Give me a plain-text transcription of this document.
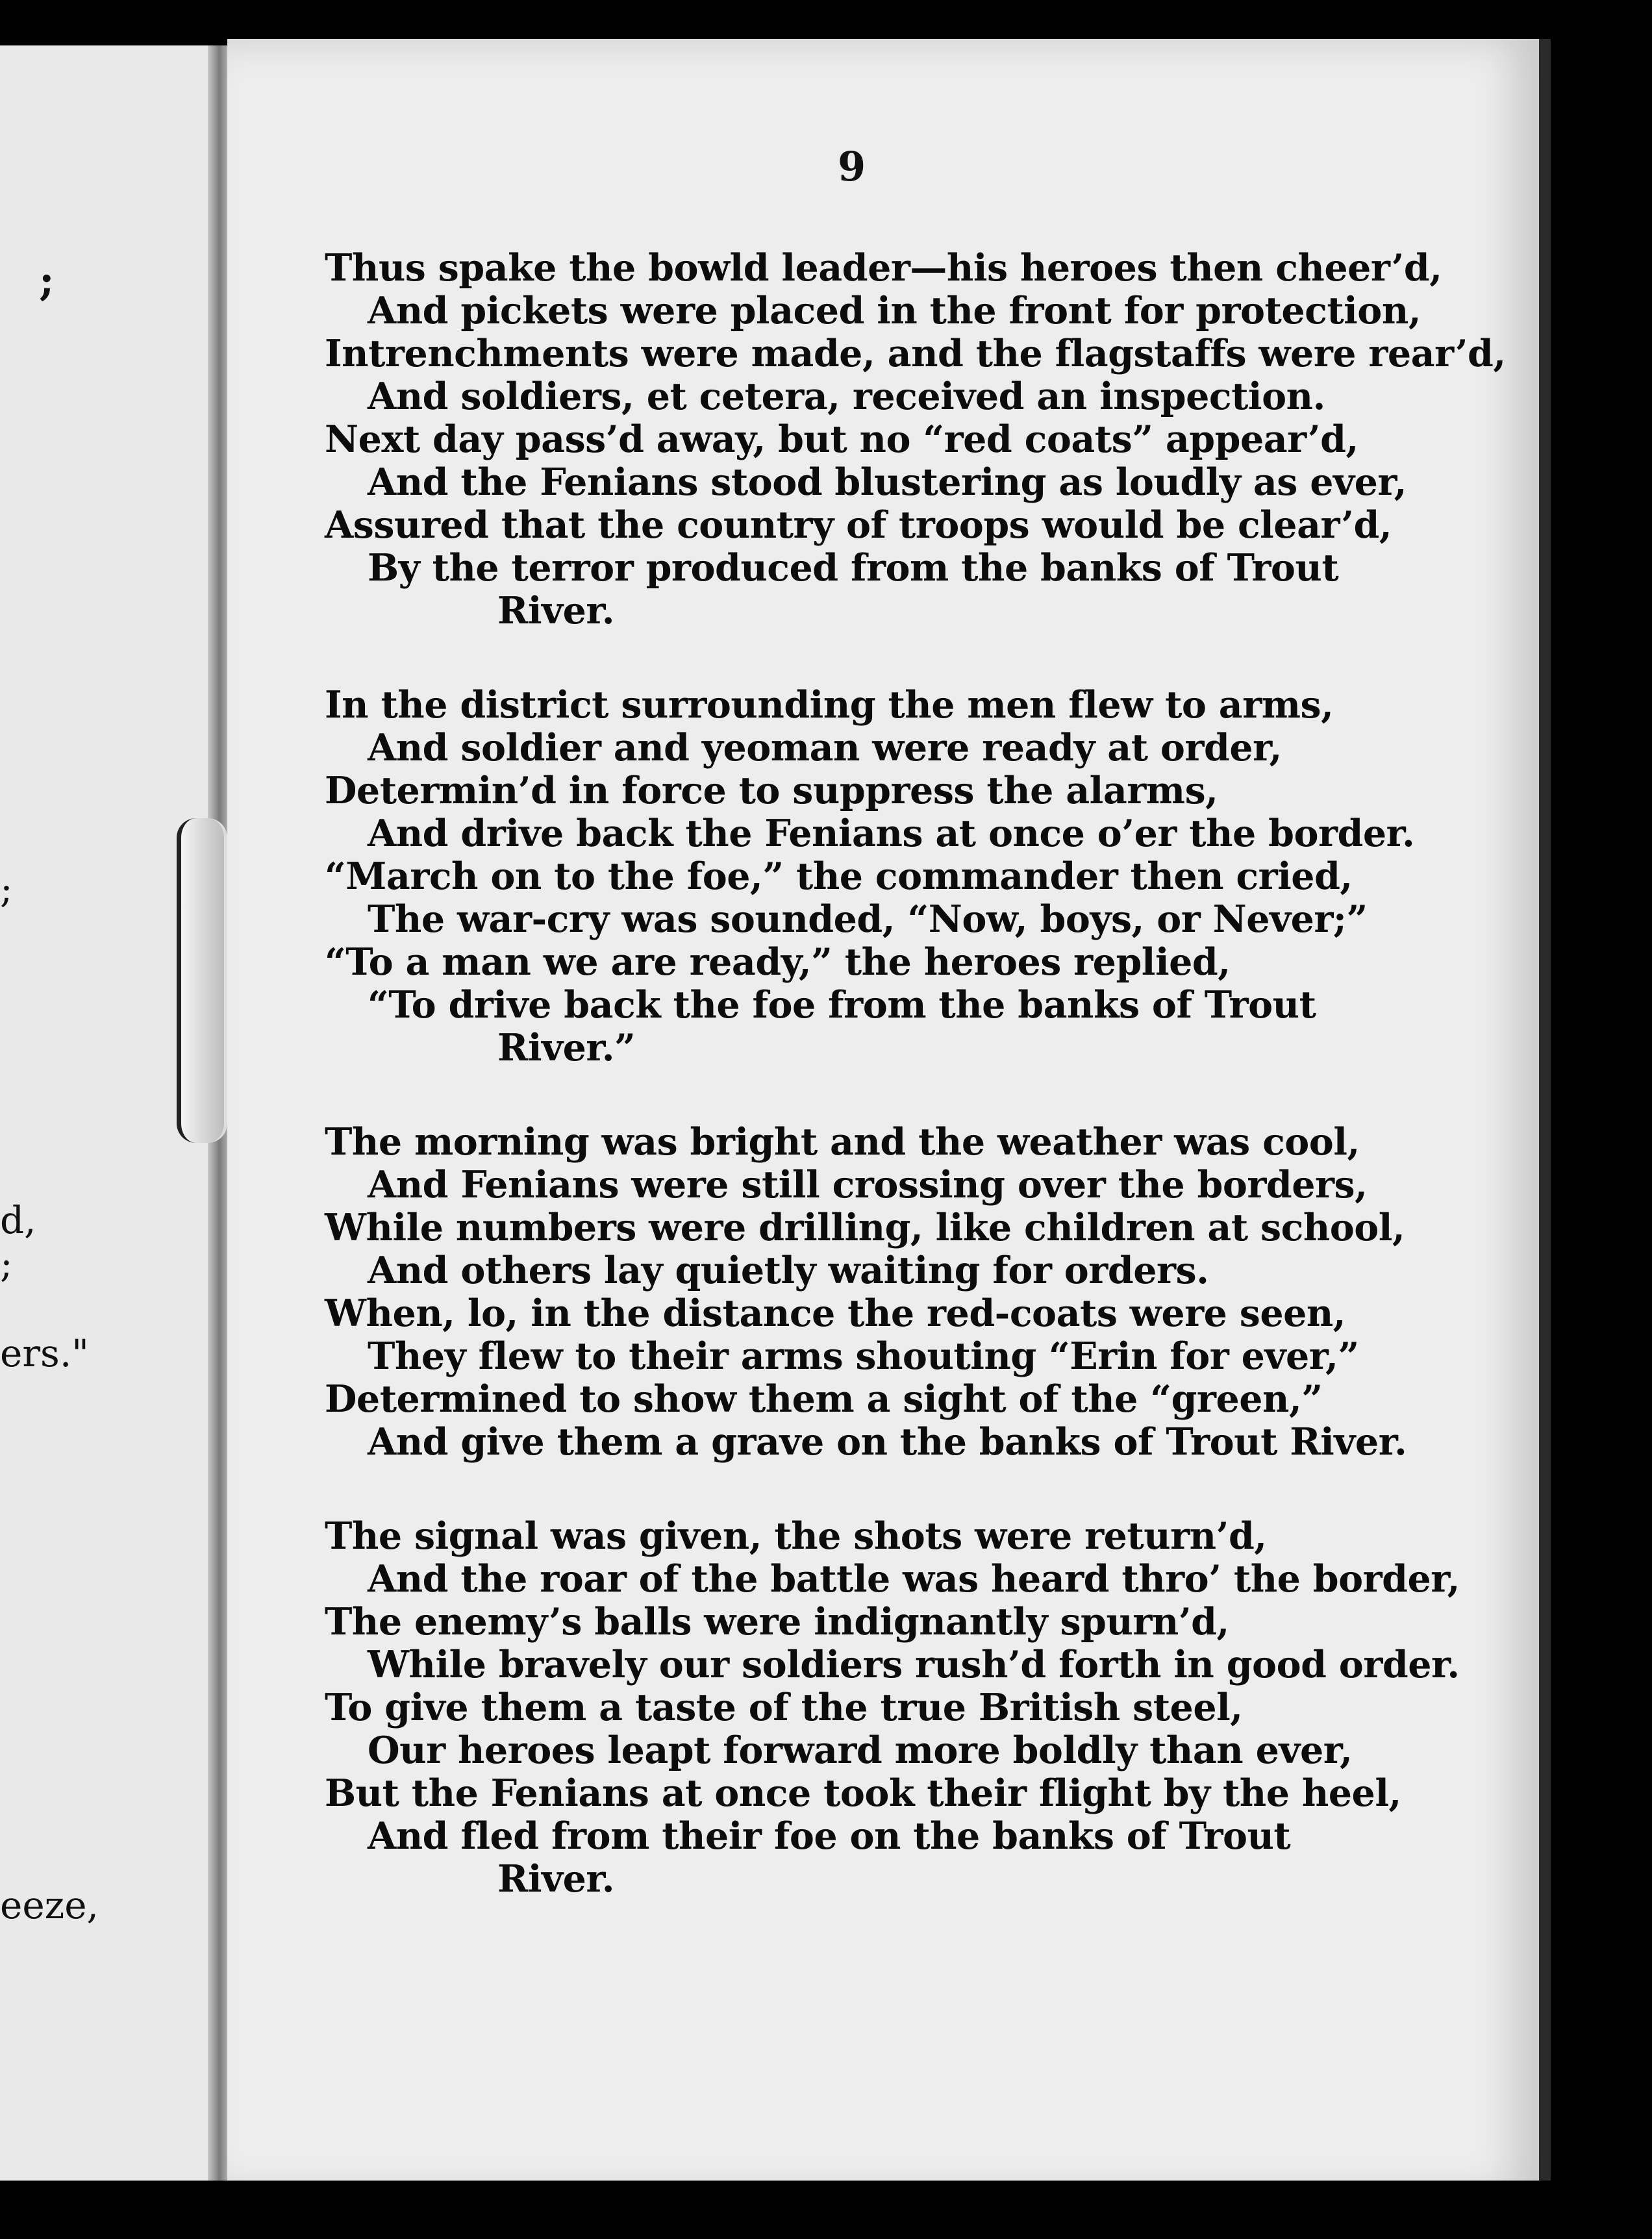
;
;
d,
;
ers."
eeze,
9
Thus spake the bowld leader—his heroes then cheer’d,
And pickets were placed in the front for protection,
Intrenchments were made, and the flagstaffs were rear’d,
And soldiers, et cetera, received an inspection.
Next day pass’d away, but no “red coats” appear’d,
And the Fenians stood blustering as loudly as ever,
Assured that the country of troops would be clear’d,
By the terror produced from the banks of Trout
River.
In the district surrounding the men flew to arms,
And soldier and yeoman were ready at order,
Determin’d in force to suppress the alarms,
And drive back the Fenians at once o’er the border.
“March on to the foe,” the commander then cried,
The war-cry was sounded, “Now, boys, or Never;”
“To a man we are ready,” the heroes replied,
“To drive back the foe from the banks of Trout
River.”
The morning was bright and the weather was cool,
And Fenians were still crossing over the borders,
While numbers were drilling, like children at school,
And others lay quietly waiting for orders.
When, lo, in the distance the red-coats were seen,
They flew to their arms shouting “Erin for ever,”
Determined to show them a sight of the “green,”
And give them a grave on the banks of Trout River.
The signal was given, the shots were return’d,
And the roar of the battle was heard thro’ the border,
The enemy’s balls were indignantly spurn’d,
While bravely our soldiers rush’d forth in good order.
To give them a taste of the true British steel,
Our heroes leapt forward more boldly than ever,
But the Fenians at once took their flight by the heel,
And fled from their foe on the banks of Trout
River.
